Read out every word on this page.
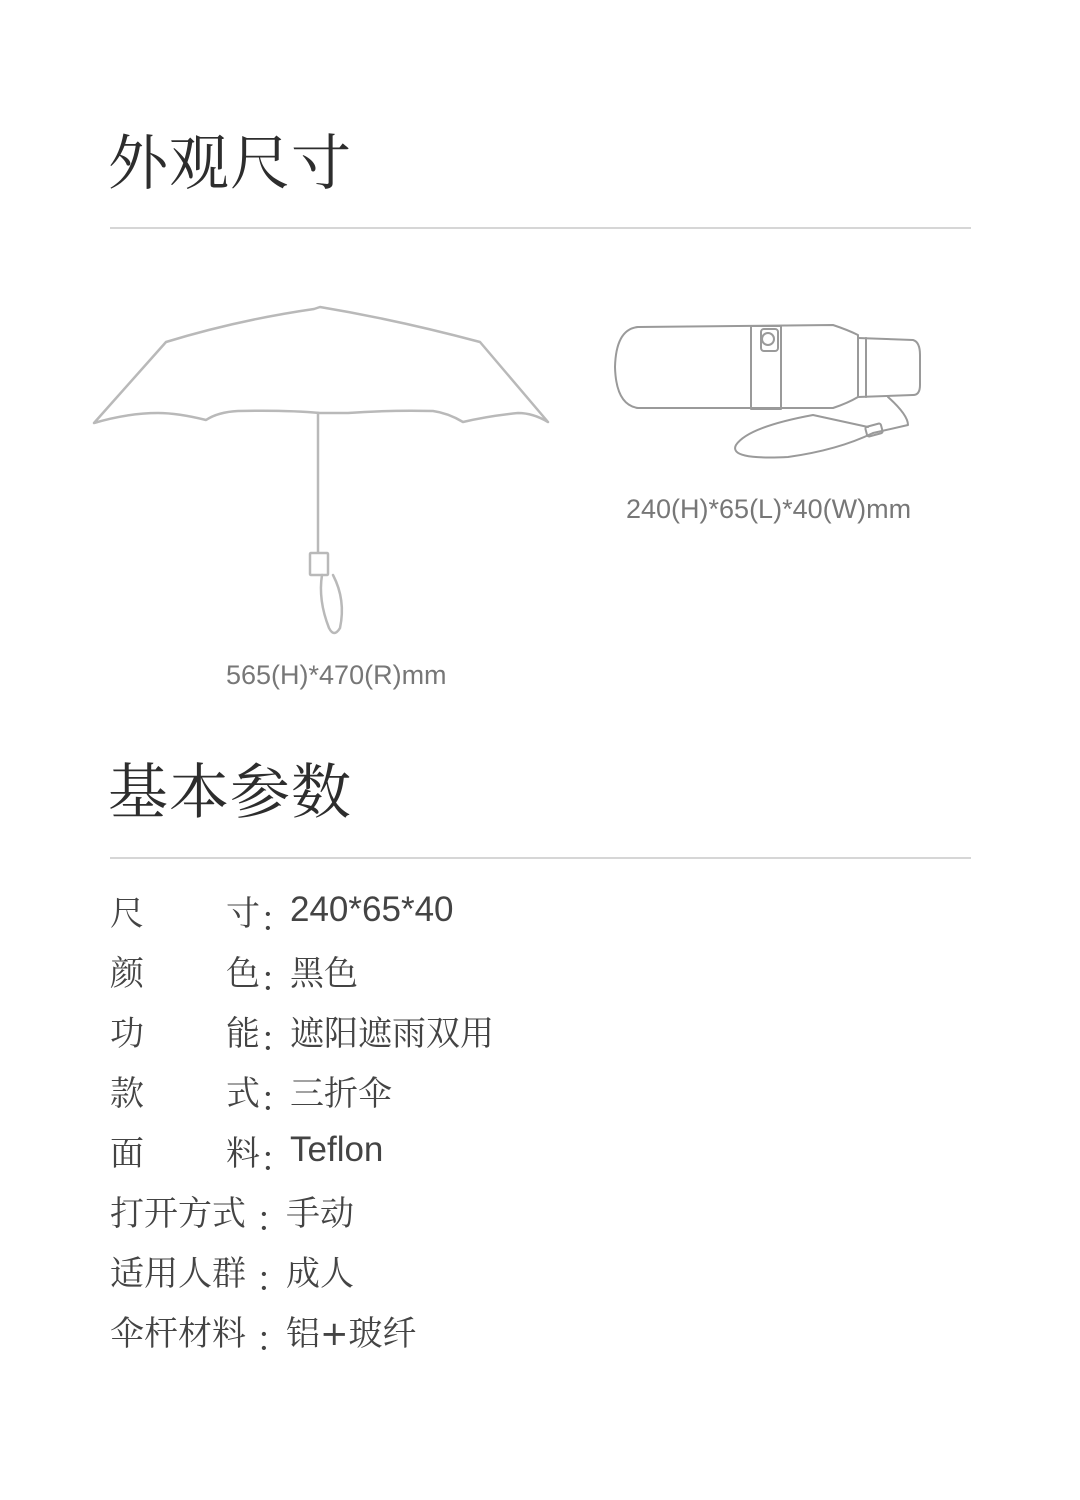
外观尺寸
565(H)*470(R)mm
240(H)*65(L)*40(W)mm
基本参数
尺 寸 ：
240*65*40
颜 色 ：
黑色
功 能 ：
遮阳遮雨双用
款 式 ：
三折伞
面 料 ：
Teflon
打开方式 ：
手动
适用人群 ：
成人
伞杆材料 ：
铝+玻纤
